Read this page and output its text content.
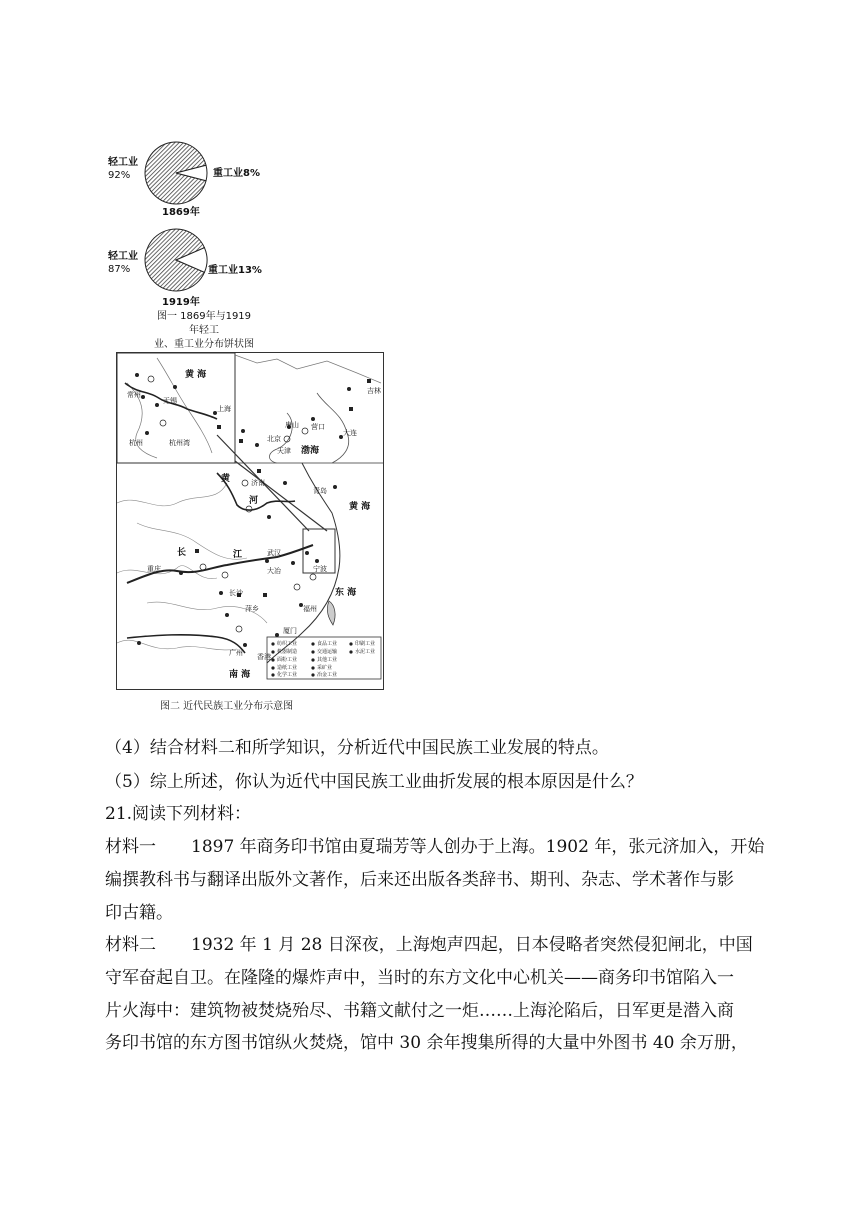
轻工业
92%	重工业8%
1869年
轻工业
87%	重工业13%
1919年
图一 1869年与1919年轻工
业、重工业分布饼状图
黄 海
上海
杭州	杭州湾
常州
无锡
吉林
营口
北京
天津
唐山
渤海
大连
济南
青岛
黄 海
黄
河
长	江
重庆
武汉
大冶	宁波
长沙
萍乡
东 海
福州
厦门
广州 香港
南 海
纺织工业
机器制造
面粉工业
造纸工业
化学工业
食品工业
交通运输
其他工业
采矿业
冶金工业
印刷工业
水泥工业
图二 近代民族工业分布示意图
（4）结合材料二和所学知识，分析近代中国民族工业发展的特点。
（5）综上所述，你认为近代中国民族工业曲折发展的根本原因是什么？
21.阅读下列材料：
材料一 1897 年商务印书馆由夏瑞芳等人创办于上海。1902 年，张元济加入，开始
编撰教科书与翻译出版外文著作，后来还出版各类辞书、期刊、杂志、学术著作与影
印古籍。
材料二 1932 年 1 月 28 日深夜，上海炮声四起，日本侵略者突然侵犯闸北，中国
守军奋起自卫。在隆隆的爆炸声中，当时的东方文化中心机关——商务印书馆陷入一
片火海中：建筑物被焚烧殆尽、书籍文献付之一炬……上海沦陷后，日军更是潜入商
务印书馆的东方图书馆纵火焚烧，馆中 30 余年搜集所得的大量中外图书 40 余万册，
